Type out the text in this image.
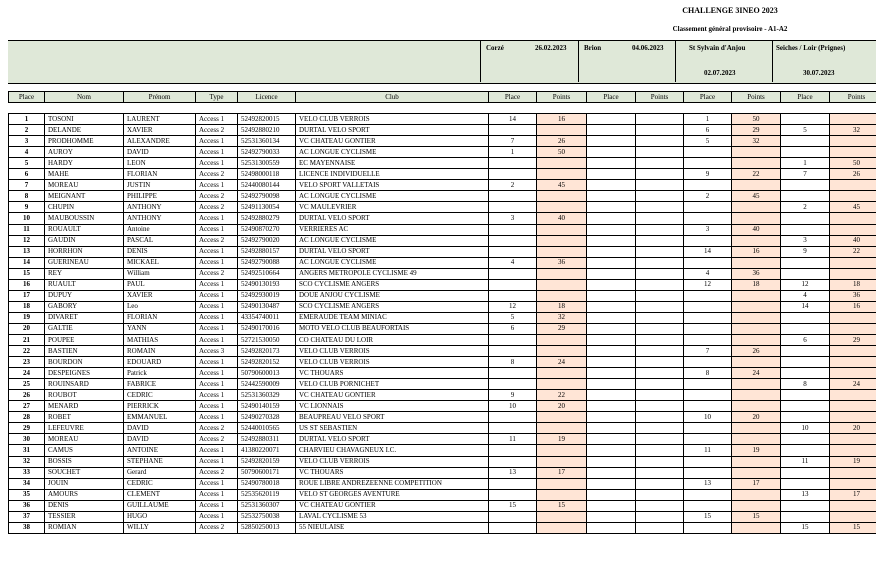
CHALLENGE 3INEO 2023
Classement général provisoire - A1-A2
Corzé	26.02.2023	Brion	04.06.2023	St Sylvain d'Anjou
02.07.2023
Seiches / Loir (Prignes)
30.07.2023
Place	Nom	Prénom	Type	Licence	Club	Place	Points	Place	Points	Place	Points	Place	Points	

1	TOSONI	LAURENT	Access 1	52492820015	VELO CLUB VERROIS	14	16			1	50			
2	DELANDE	XAVIER	Access 2	52492880210	DURTAL VELO SPORT					6	29	5	32	
3	PRODHOMME	ALEXANDRE	Access 1	52531360134	VC CHATEAU GONTIER	7	26			5	32			
4	AUROY	DAVID	Access 1	52492790033	AC LONGUE CYCLISME	1	50							
5	HARDY	LEON	Access 1	52531300559	EC MAYENNAISE							1	50	
6	MAHE	FLORIAN	Access 2	52498000118	LICENCE INDIVIDUELLE					9	22	7	26	
7	MOREAU	JUSTIN	Access 1	52440080144	VELO SPORT VALLETAIS	2	45							
8	MEIGNANT	PHILIPPE	Access 2	52492790098	AC LONGUE CYCLISME					2	45			
9	CHUPIN	ANTHONY	Access 2	52491130054	VC MAULEVRIER							2	45	
10	MAUBOUSSIN	ANTHONY	Access 1	52492880279	DURTAL VELO SPORT	3	40							
11	ROUAULT	Antoine	Access 1	52490870270	VERRIERES AC					3	40			
12	GAUDIN	PASCAL	Access 2	52492790020	AC LONGUE CYCLISME							3	40	
13	HORRHON	DENIS	Access 1	52492880157	DURTAL VELO SPORT					14	16	9	22	
14	GUERINEAU	MICKAEL	Access 1	52492790088	AC LONGUE CYCLISME	4	36							
15	REY	William	Access 2	52492510664	ANGERS METROPOLE CYCLISME 49					4	36			
16	RUAULT	PAUL	Access 1	52490130193	SCO CYCLISME ANGERS					12	18	12	18	
17	DUPUY	XAVIER	Access 1	52492930019	DOUE ANJOU CYCLISME							4	36	
18	GABORY	Leo	Access 1	52490130487	SCO CYCLISME ANGERS	12	18					14	16	
19	DIVARET	FLORIAN	Access 1	43354740011	EMERAUDE TEAM MINIAC	5	32							
20	GALTIE	YANN	Access 1	52490170016	MOTO VELO CLUB BEAUFORTAIS	6	29							
21	POUPEE	MATHIAS	Access 1	52721530050	CO CHATEAU DU LOIR							6	29	
22	BASTIEN	ROMAIN	Access 3	52492820173	VELO CLUB VERROIS					7	26			
23	BOURDON	EDOUARD	Access 1	52492820152	VELO CLUB VERROIS	8	24							
24	DESPEIGNES	Patrick	Access 1	50790600013	VC THOUARS					8	24			
25	ROUINSARD	FABRICE	Access 1	52442590009	VELO CLUB PORNICHET							8	24	
26	ROUBOT	CEDRIC	Access 1	52531360329	VC CHATEAU GONTIER	9	22							
27	MENARD	PIERRICK	Access 1	52490140159	VC LIONNAIS	10	20							
28	ROBET	EMMANUEL	Access 1	52490270328	BEAUPREAU VELO SPORT					10	20			
29	LEFEUVRE	DAVID	Access 2	52440010565	US ST SEBASTIEN							10	20	
30	MOREAU	DAVID	Access 2	52492880311	DURTAL VELO SPORT	11	19							
31	CAMUS	ANTOINE	Access 1	41380220071	CHARVIEU CHAVAGNEUX I.C.					11	19			
32	BOSSIS	STEPHANE	Access 1	52492820159	VELO CLUB VERROIS							11	19	
33	SOUCHET	Gerard	Access 2	50790600171	VC THOUARS	13	17							
34	JOUIN	CEDRIC	Access 1	52490780018	ROUE LIBRE ANDREZEENNE COMPETITION					13	17			
35	AMOURS	CLEMENT	Access 1	52535620119	VELO ST GEORGES AVENTURE							13	17	
36	DENIS	GUILLAUME	Access 1	52531360307	VC CHATEAU GONTIER	15	15							
37	TESSIER	HUGO	Access 1	52532750038	LAVAL CYCLISME 53					15	15			
38	ROMIAN	WILLY	Access 2	52850250013	55 NIEULAISE							15	15	
